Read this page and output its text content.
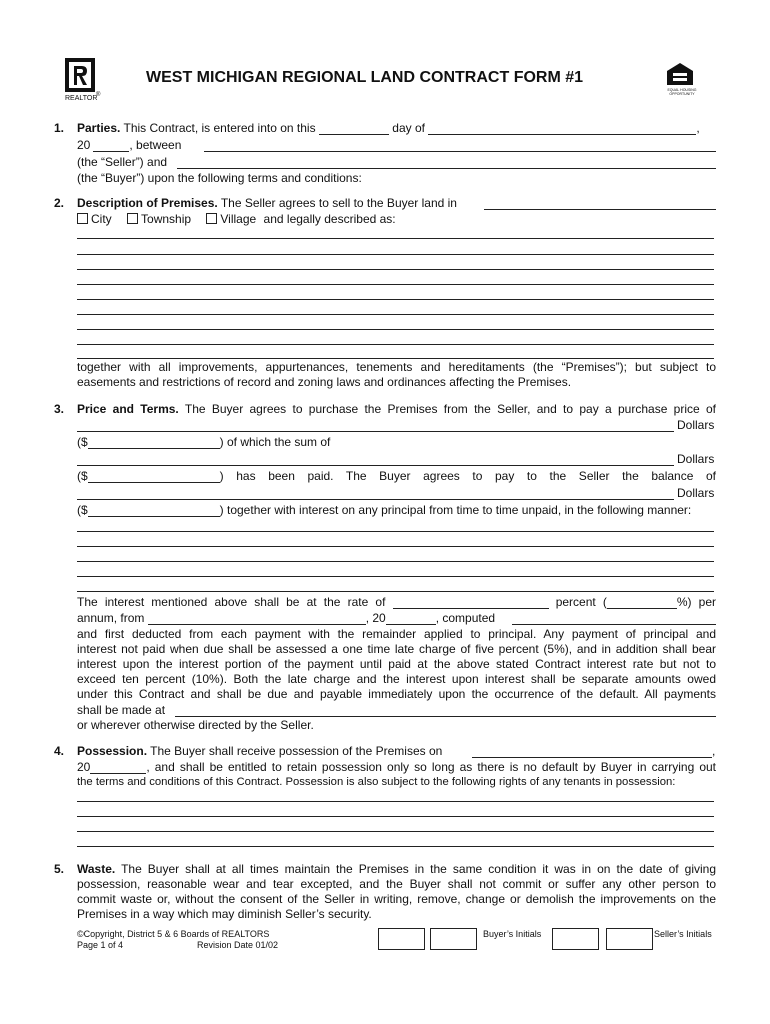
REALTOR
®
WEST MICHIGAN REGIONAL LAND CONTRACT FORM #1
EQUAL HOUSING OPPORTUNITY
1. Parties. This Contract, is entered into on this	day of	,
20	, between
(the “Seller”) and
(the “Buyer”) upon the following terms and conditions:
2. Description of Premises. The Seller agrees to sell to the Buyer land in
City Township Village and legally described as:
together with all improvements, appurtenances, tenements and hereditaments (the “Premises”); but subject to
easements and restrictions of record and zoning laws and ordinances affecting the Premises.
3. Price and Terms. The Buyer agrees to purchase the Premises from the Seller, and to pay a purchase price of
Dollars
($	) of which the sum of
Dollars
($	) has been paid. The Buyer agrees to pay to the Seller the balance of
Dollars
($	) together with interest on any principal from time to time unpaid, in the following manner:
The interest mentioned above shall be at the rate of	percent (	%) per
annum, from	, 20	, computed
and first deducted from each payment with the remainder applied to principal. Any payment of principal and
interest not paid when due shall be assessed a one time late charge of five percent (5%), and in addition shall bear
interest upon the interest portion of the payment until paid at the above stated Contract interest rate but not to
exceed ten percent (10%). Both the late charge and the interest upon interest shall be separate amounts owed
under this Contract and shall be due and payable immediately upon the occurrence of the default. All payments
shall be made at
or wherever otherwise directed by the Seller.
4. Possession. The Buyer shall receive possession of the Premises on	,
20	, and shall be entitled to retain possession only so long as there is no default by Buyer in carrying out
the terms and conditions of this Contract. Possession is also subject to the following rights of any tenants in possession:
5. Waste. The Buyer shall at all times maintain the Premises in the same condition it was in on the date of giving
possession, reasonable wear and tear excepted, and the Buyer shall not commit or suffer any other person to
commit waste or, without the consent of the Seller in writing, remove, change or demolish the improvements on the
Premises in a way which may diminish Seller’s security.
©Copyright, District 5 & 6 Boards of REALTORS
Page 1 of 4	Revision Date 01/02
Buyer’s Initials	Seller’s Initials
